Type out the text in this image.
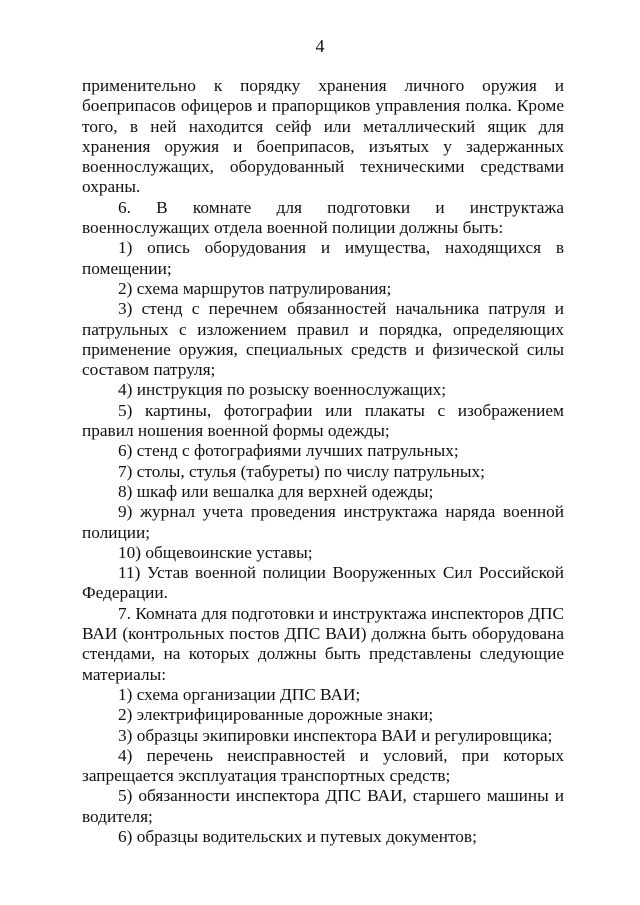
4

применительно к порядку хранения личного оружия и боеприпасов офицеров и прапорщиков управления полка. Кроме того, в ней находится сейф или металлический ящик для хранения оружия и боеприпасов, изъятых у задержанных военнослужащих, оборудованный техническими средствами охраны.

6. В комнате для подготовки и инструктажа военнослужащих отдела военной полиции должны быть:

1) опись оборудования и имущества, находящихся в помещении;

2) схема маршрутов патрулирования;

3) стенд с перечнем обязанностей начальника патруля и патрульных с изложением правил и порядка, определяющих применение оружия, специальных средств и физической силы составом патруля;

4) инструкция по розыску военнослужащих;

5) картины, фотографии или плакаты с изображением правил ношения военной формы одежды;

6) стенд с фотографиями лучших патрульных;

7) столы, стулья (табуреты) по числу патрульных;

8) шкаф или вешалка для верхней одежды;

9) журнал учета проведения инструктажа наряда военной полиции;

10) общевоинские уставы;

11) Устав военной полиции Вооруженных Сил Российской Федерации.

7. Комната для подготовки и инструктажа инспекторов ДПС ВАИ (контрольных постов ДПС ВАИ) должна быть оборудована стендами, на которых должны быть представлены следующие материалы:

1) схема организации ДПС ВАИ;

2) электрифицированные дорожные знаки;

3) образцы экипировки инспектора ВАИ и регулировщика;

4) перечень неисправностей и условий, при которых запрещается эксплуатация транспортных средств;

5) обязанности инспектора ДПС ВАИ, старшего машины и водителя;

6) образцы водительских и путевых документов;
